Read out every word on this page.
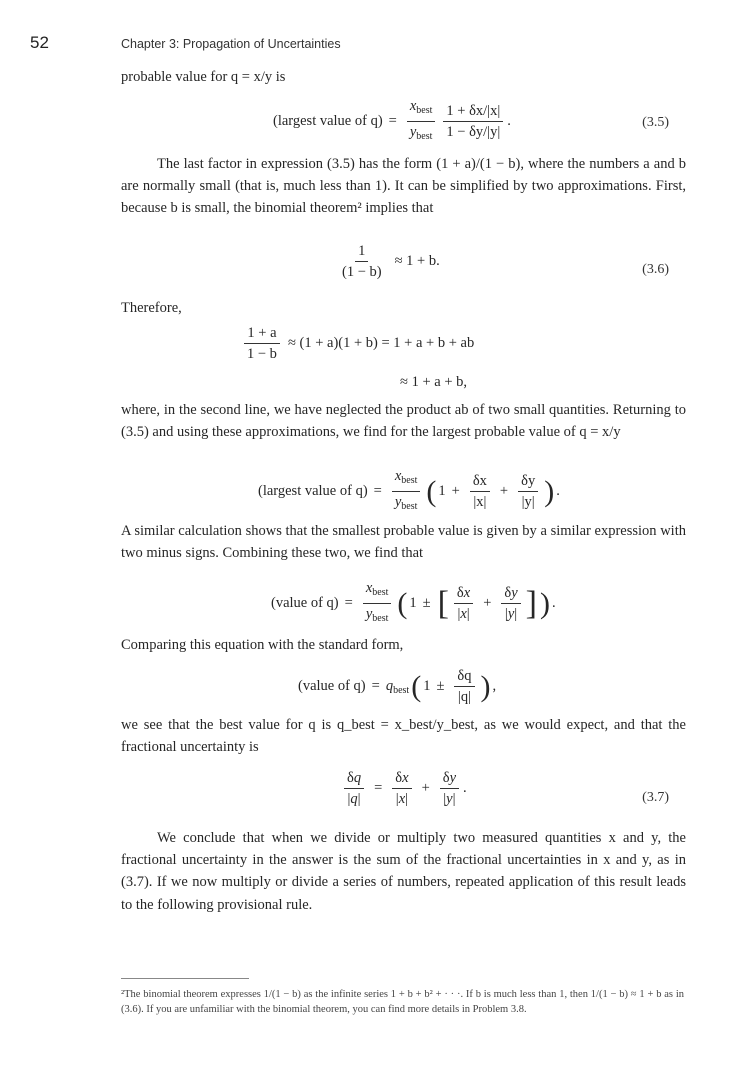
52	Chapter 3: Propagation of Uncertainties
probable value for q = x/y is
(largest value of $q) = \frac{x_{best}}{y_{best}} \frac{1 + \delta x/|x|}{1 - \delta y/|y|}$ .	(3.5)
The last factor in expression (3.5) has the form (1 + a)/(1 − b), where the numbers a and b are normally small (that is, much less than 1). It can be simplified by two approximations. First, because b is small, the binomial theorem² implies that
$\frac{1}{(1 - b)} \approx 1 + b$.
(3.6)
Therefore,
$\frac{1 + a}{1 - b} \approx (1 + a)(1 + b) = 1 + a + b$ + ab
≈ 1 + a + b,
where, in the second line, we have neglected the product ab of two small quantities. Returning to (3.5) and using these approximations, we find for the largest probable value of q = x/y
(largest value of $q) = \frac{x_{best}}{y_{best}}$ ( $1 + \frac{\delta x}{|x|} + \frac{\delta y}{|y|}$ ) .
A similar calculation shows that the smallest probable value is given by a similar expression with two minus signs. Combining these two, we find that
(value of $q) = \frac{x_{best}}{y_{best}}$ ( 1 ± [ $\frac{\delta x}{|x|} + \frac{\delta y}{|y|}$ ] ) .
Comparing this equation with the standard form,
(value of $q) = q_{best}$ ( $1 \pm \frac{\delta q}{|q|}$ ) ,
we see that the best value for q is q_best = x_best/y_best, as we would expect, and that the fractional uncertainty is
$\frac{\delta q}{|q|} = \frac{\delta x}{|x|} + \frac{\delta y}{|y|}$ .
(3.7)
We conclude that when we divide or multiply two measured quantities x and y, the fractional uncertainty in the answer is the sum of the fractional uncertainties in x and y, as in (3.7). If we now multiply or divide a series of numbers, repeated application of this result leads to the following provisional rule.
²The binomial theorem expresses 1/(1 − b) as the infinite series 1 + b + b² + · · ·. If b is much less than 1, then 1/(1 − b) ≈ 1 + b as in (3.6). If you are unfamiliar with the binomial theorem, you can find more details in Problem 3.8.
